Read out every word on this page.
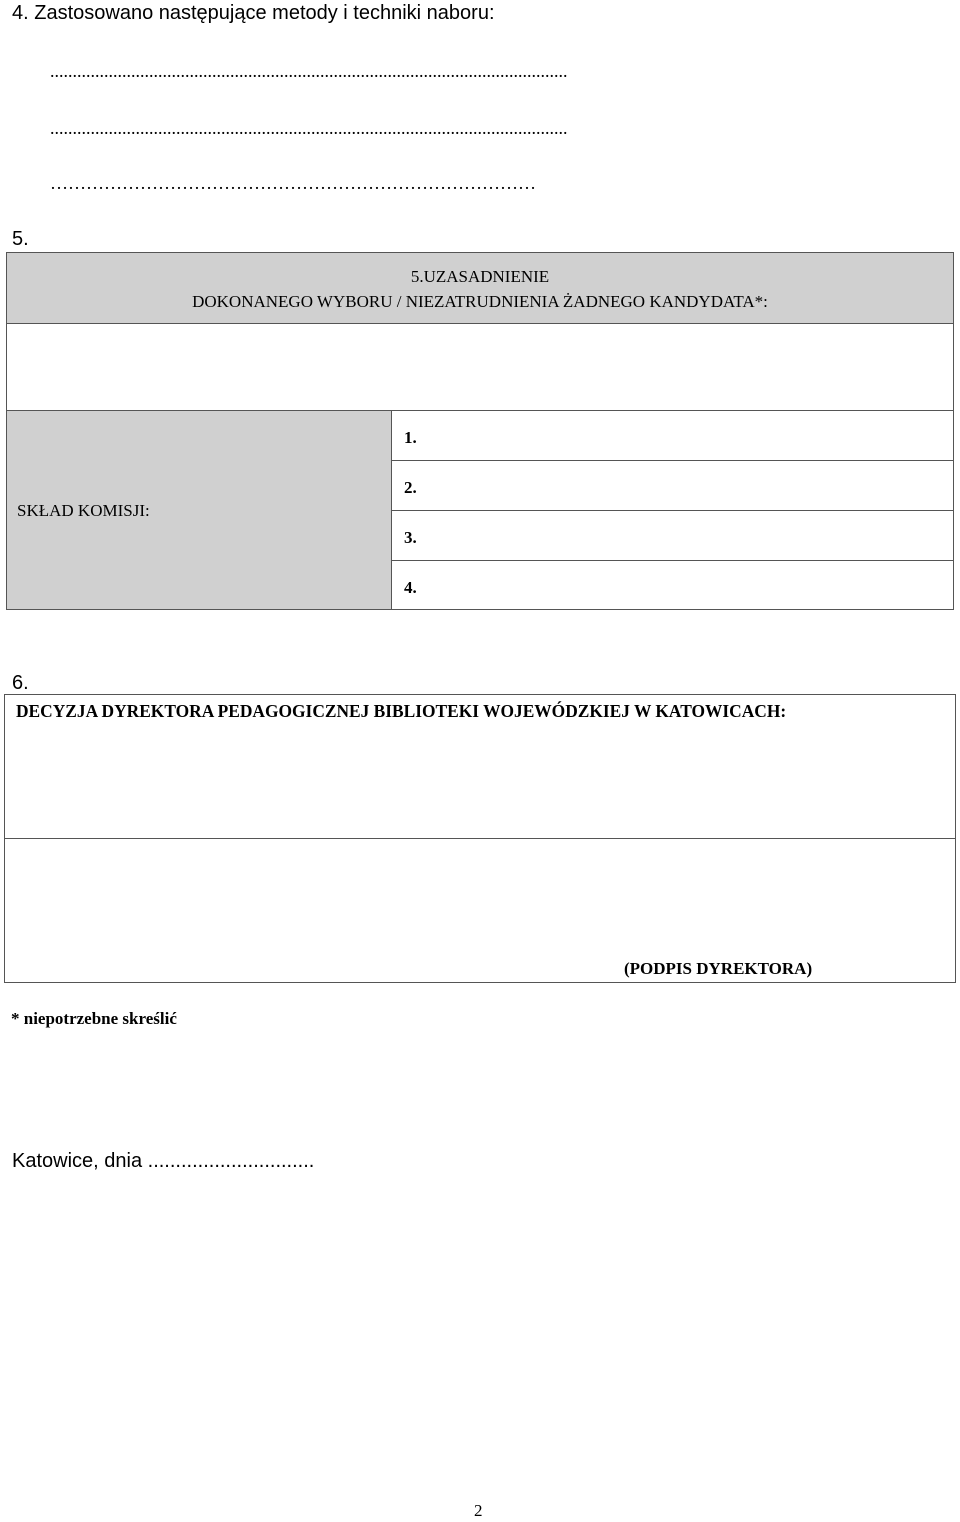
4. Zastosowano następujące metody i techniki naboru:
...................................................................................................................
...................................................................................................................
………………………………………………………………………
5.
5.UZASADNIENIE
DOKONANEGO WYBORU / NIEZATRUDNIENIA ŻADNEGO KANDYDATA*:
SKŁAD KOMISJI:
1.
2.
3.
4.
6.
DECYZJA DYREKTORA PEDAGOGICZNEJ BIBLIOTEKI WOJEWÓDZKIEJ W KATOWICACH:
(PODPIS DYREKTORA)
* niepotrzebne skreślić
Katowice, dnia ..............................
2
